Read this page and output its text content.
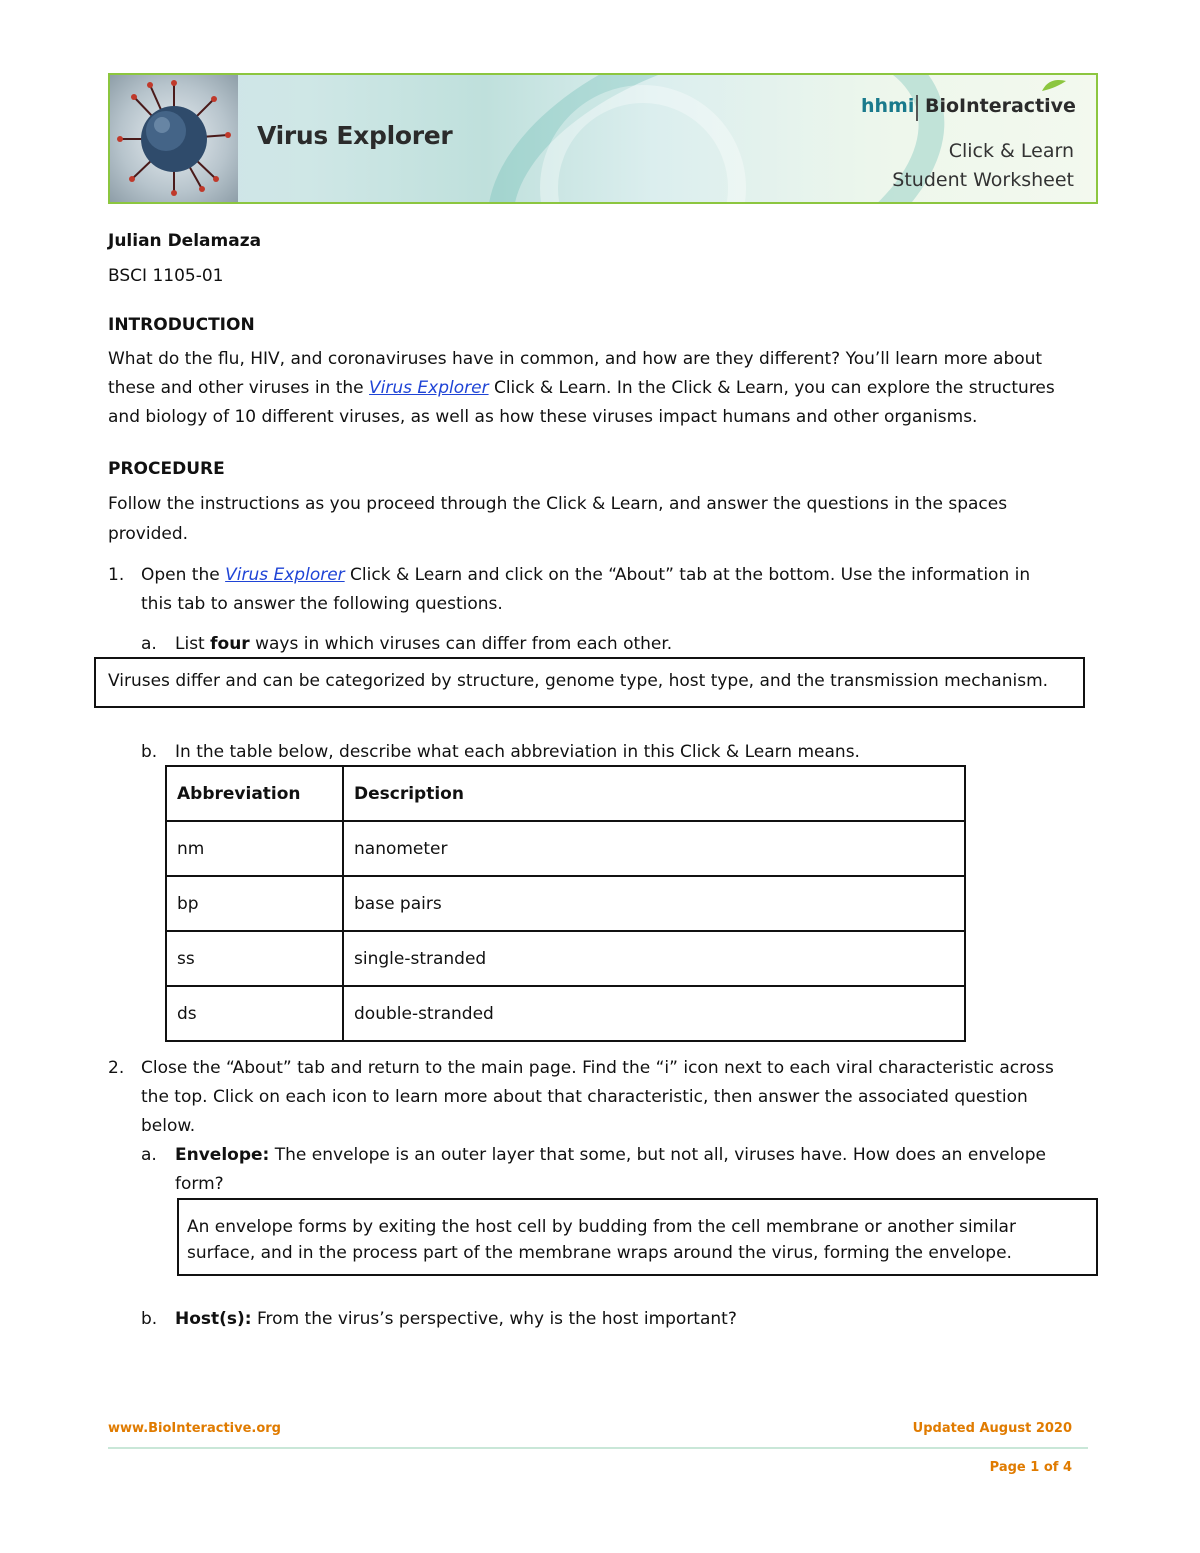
Virus Explorer
hhmi BioInteractive
Click & Learn
Student Worksheet
Julian Delamaza
BSCI 1105-01
INTRODUCTION
What do the flu, HIV, and coronaviruses have in common, and how are they different? You’ll learn more about
these and other viruses in the Virus Explorer Click & Learn. In the Click & Learn, you can explore the structures
and biology of 10 different viruses, as well as how these viruses impact humans and other organisms.
PROCEDURE
Follow the instructions as you proceed through the Click & Learn, and answer the questions in the spaces
provided.
1. Open the Virus Explorer Click & Learn and click on the “About” tab at the bottom. Use the information in
this tab to answer the following questions.
a. List four ways in which viruses can differ from each other.
Viruses differ and can be categorized by structure, genome type, host type, and the transmission mechanism.
b. In the table below, describe what each abbreviation in this Click & Learn means.
Abbreviation	Description
nm	nanometer
bp	base pairs
ss	single-stranded
ds	double-stranded
2. Close the “About” tab and return to the main page. Find the “i” icon next to each viral characteristic across
the top. Click on each icon to learn more about that characteristic, then answer the associated question
below.
a. Envelope: The envelope is an outer layer that some, but not all, viruses have. How does an envelope
form?
An envelope forms by exiting the host cell by budding from the cell membrane or another similar
surface, and in the process part of the membrane wraps around the virus, forming the envelope.
b. Host(s): From the virus’s perspective, why is the host important?
www.BioInteractive.org	Updated August 2020
Page 1 of 4
